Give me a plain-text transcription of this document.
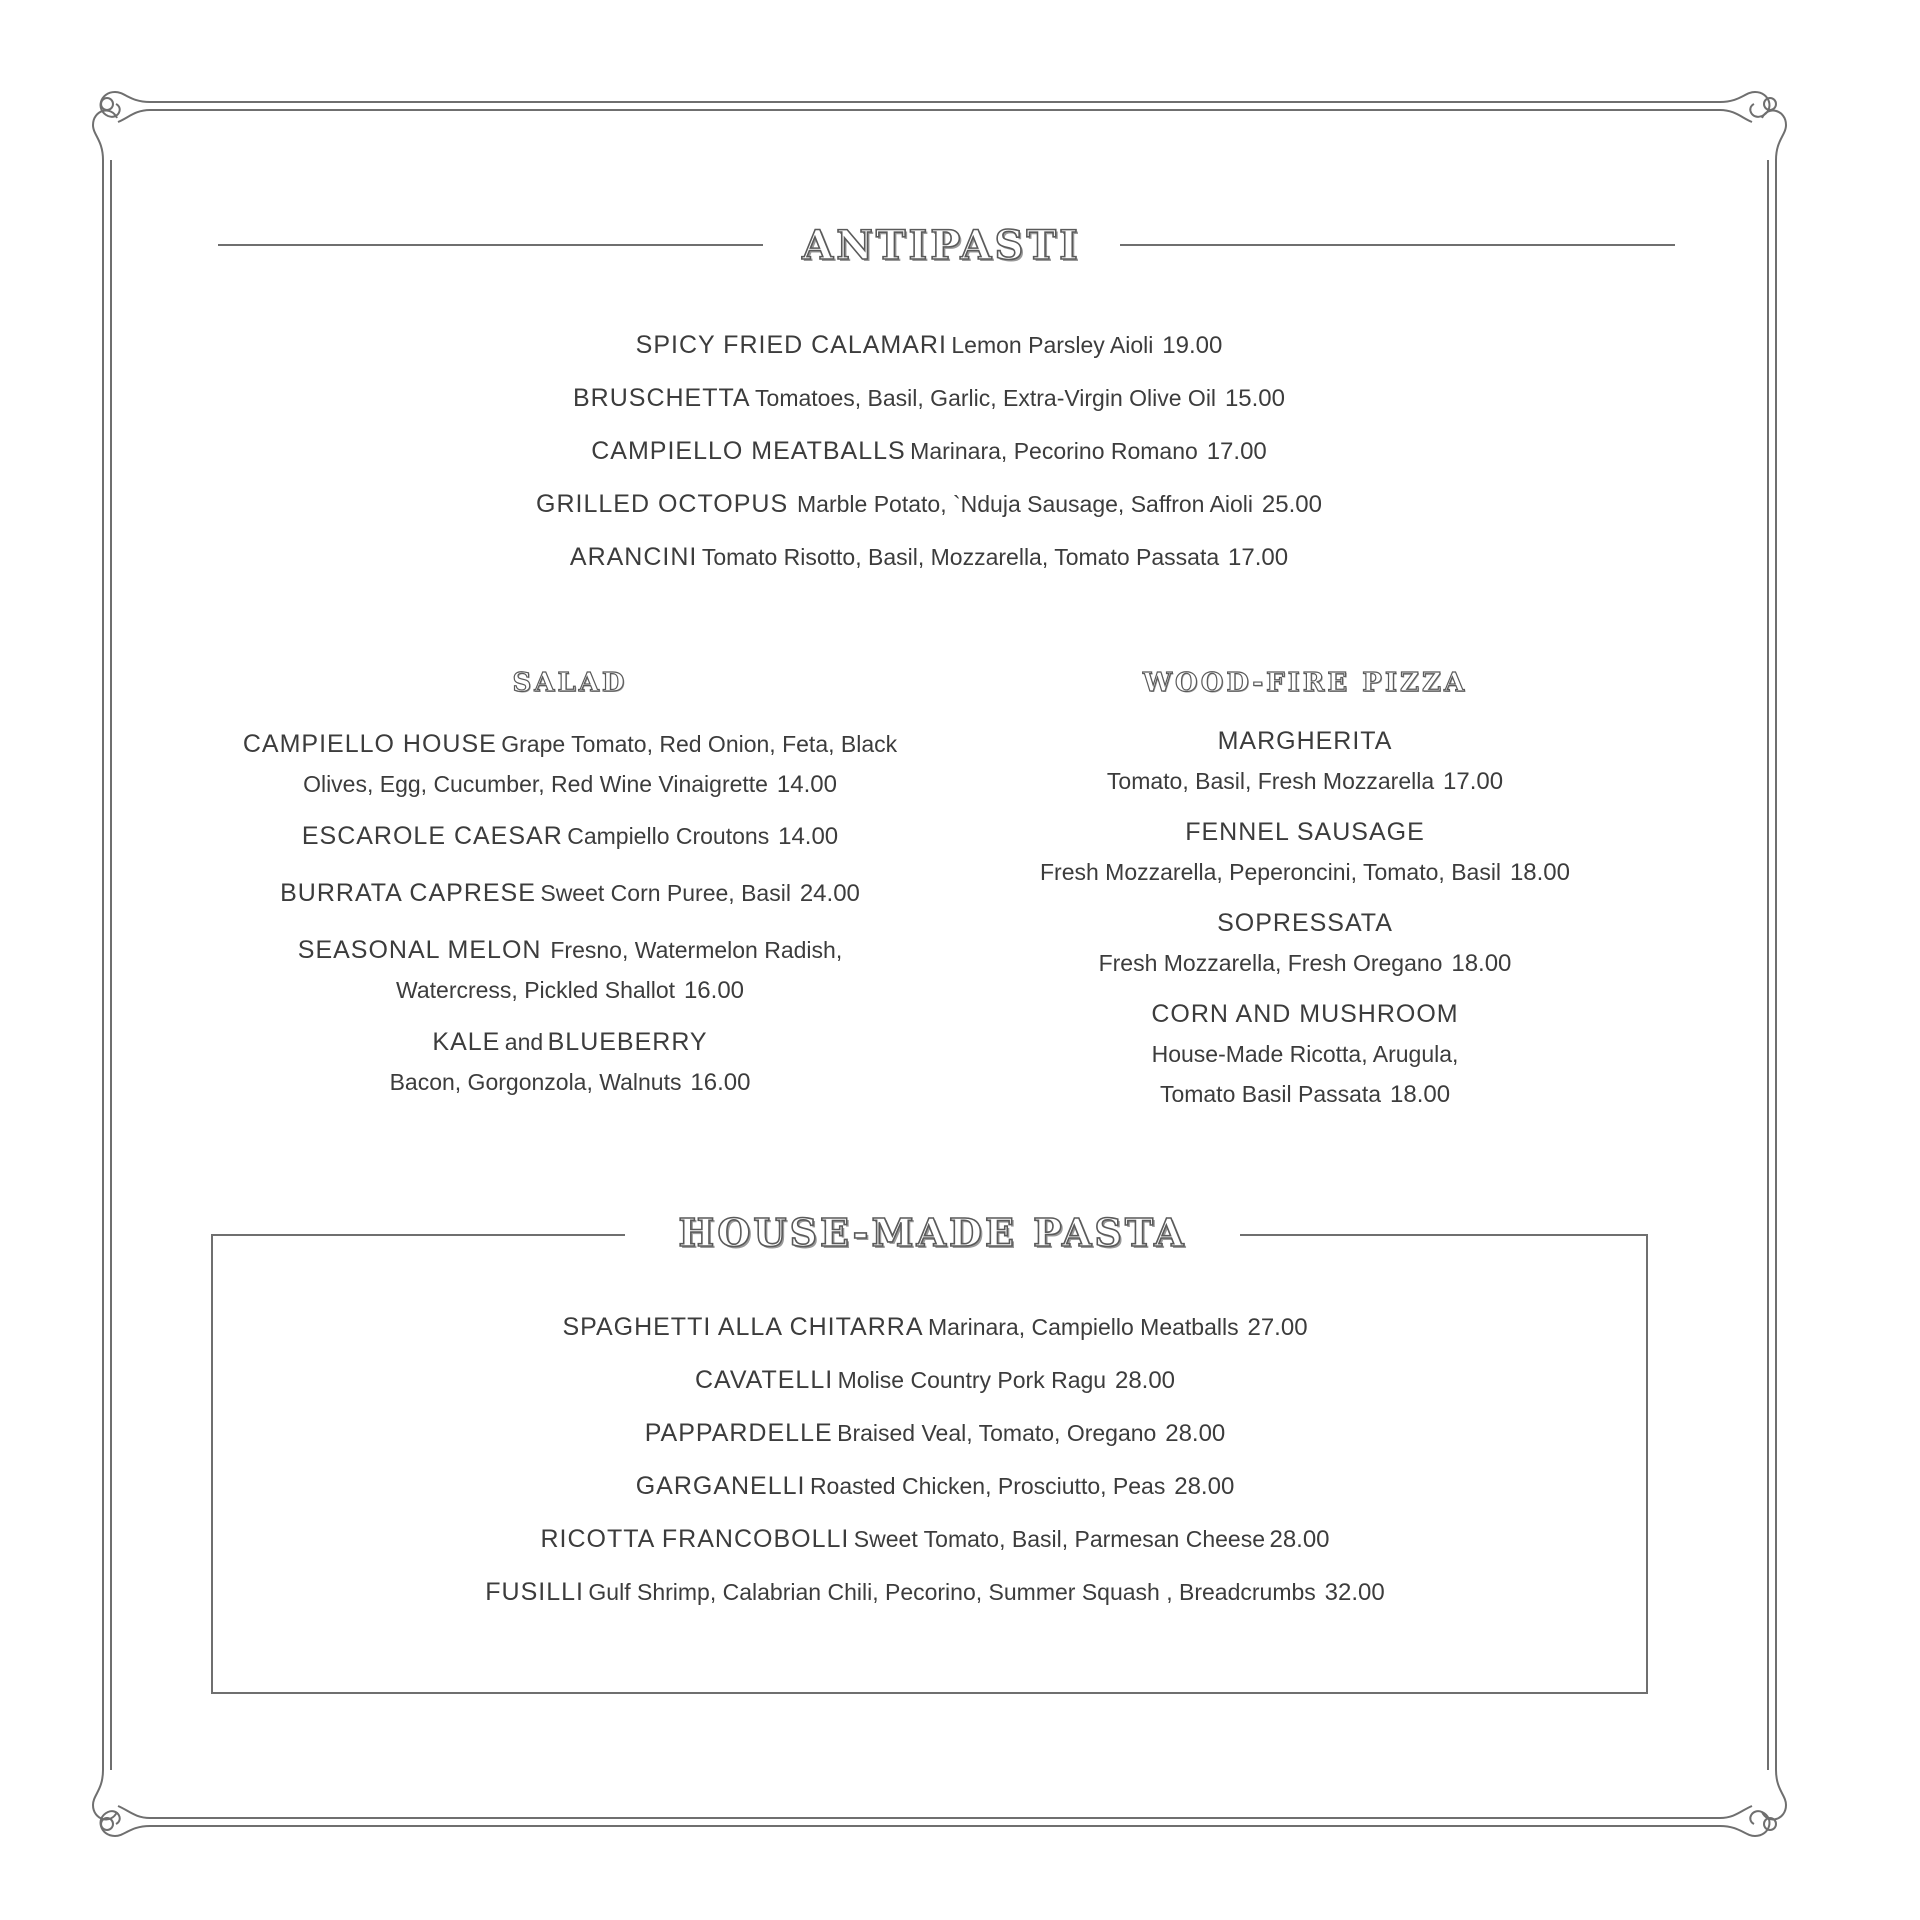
ANTIPASTI
SPICY FRIED CALAMARI Lemon Parsley Aioli 19.00
BRUSCHETTA Tomatoes, Basil, Garlic, Extra-Virgin Olive Oil 15.00
CAMPIELLO MEATBALLS Marinara, Pecorino Romano 17.00
GRILLED OCTOPUS Marble Potato, `Nduja Sausage, Saffron Aioli 25.00
ARANCINI Tomato Risotto, Basil, Mozzarella, Tomato Passata 17.00
SALAD
CAMPIELLO HOUSE Grape Tomato, Red Onion, Feta, Black
Olives, Egg, Cucumber, Red Wine Vinaigrette 14.00
ESCAROLE CAESAR Campiello Croutons 14.00
BURRATA CAPRESE Sweet Corn Puree, Basil 24.00
SEASONAL MELON Fresno, Watermelon Radish,
Watercress, Pickled Shallot 16.00
KALE and BLUEBERRY
Bacon, Gorgonzola, Walnuts 16.00
WOOD-FIRE PIZZA
MARGHERITA
Tomato, Basil, Fresh Mozzarella 17.00
FENNEL SAUSAGE
Fresh Mozzarella, Peperoncini, Tomato, Basil 18.00
SOPRESSATA
Fresh Mozzarella, Fresh Oregano 18.00
CORN AND MUSHROOM
House-Made Ricotta, Arugula,
Tomato Basil Passata 18.00
HOUSE-MADE PASTA
SPAGHETTI ALLA CHITARRA Marinara, Campiello Meatballs 27.00
CAVATELLI Molise Country Pork Ragu 28.00
PAPPARDELLE Braised Veal, Tomato, Oregano 28.00
GARGANELLI Roasted Chicken, Prosciutto, Peas 28.00
RICOTTA FRANCOBOLLI Sweet Tomato, Basil, Parmesan Cheese 28.00
FUSILLI Gulf Shrimp, Calabrian Chili, Pecorino, Summer Squash , Breadcrumbs 32.00
